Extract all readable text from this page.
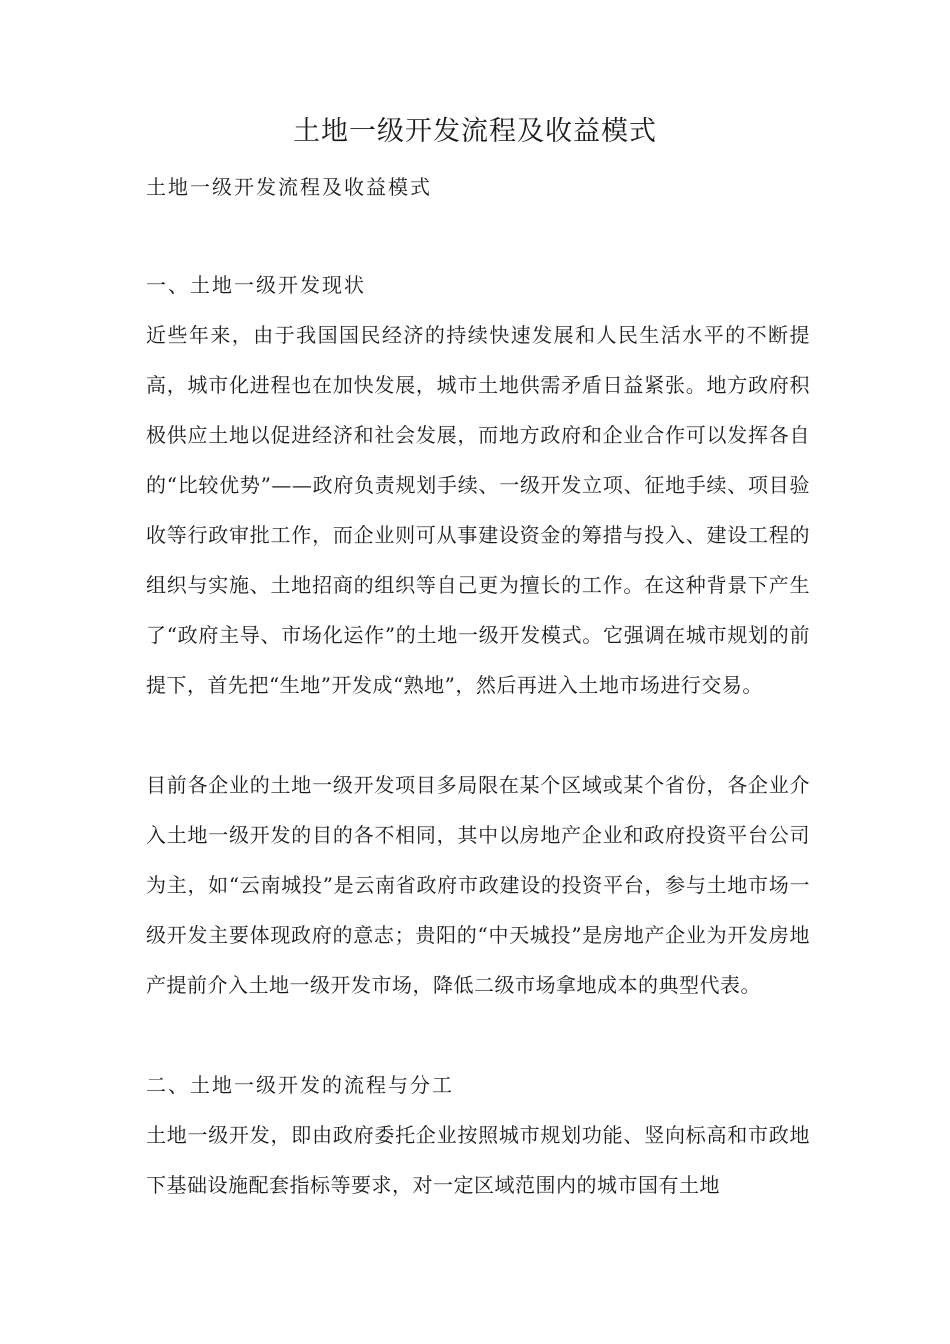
土地一级开发流程及收益模式
土地一级开发流程及收益模式
一、土地一级开发现状

近些年来，由于我国国民经济的持续快速发展和人民生活水平的不断提高，城市化进程也在加快发展，城市土地供需矛盾日益紧张。地方政府积极供应土地以促进经济和社会发展，而地方政府和企业合作可以发挥各自的“比较优势”——政府负责规划手续、一级开发立项、征地手续、项目验收等行政审批工作，而企业则可从事建设资金的筹措与投入、建设工程的组织与实施、土地招商的组织等自己更为擅长的工作。在这种背景下产生了“政府主导、市场化运作”的土地一级开发模式。它强调在城市规划的前提下，首先把“生地”开发成“熟地”，然后再进入土地市场进行交易。

目前各企业的土地一级开发项目多局限在某个区域或某个省份，各企业介入土地一级开发的目的各不相同，其中以房地产企业和政府投资平台公司为主，如“云南城投”是云南省政府市政建设的投资平台，参与土地市场一级开发主要体现政府的意志；贵阳的“中天城投”是房地产企业为开发房地产提前介入土地一级开发市场，降低二级市场拿地成本的典型代表。

二、土地一级开发的流程与分工

土地一级开发，即由政府委托企业按照城市规划功能、竖向标高和市政地下基础设施配套指标等要求，对一定区域范围内的城市国有土地
